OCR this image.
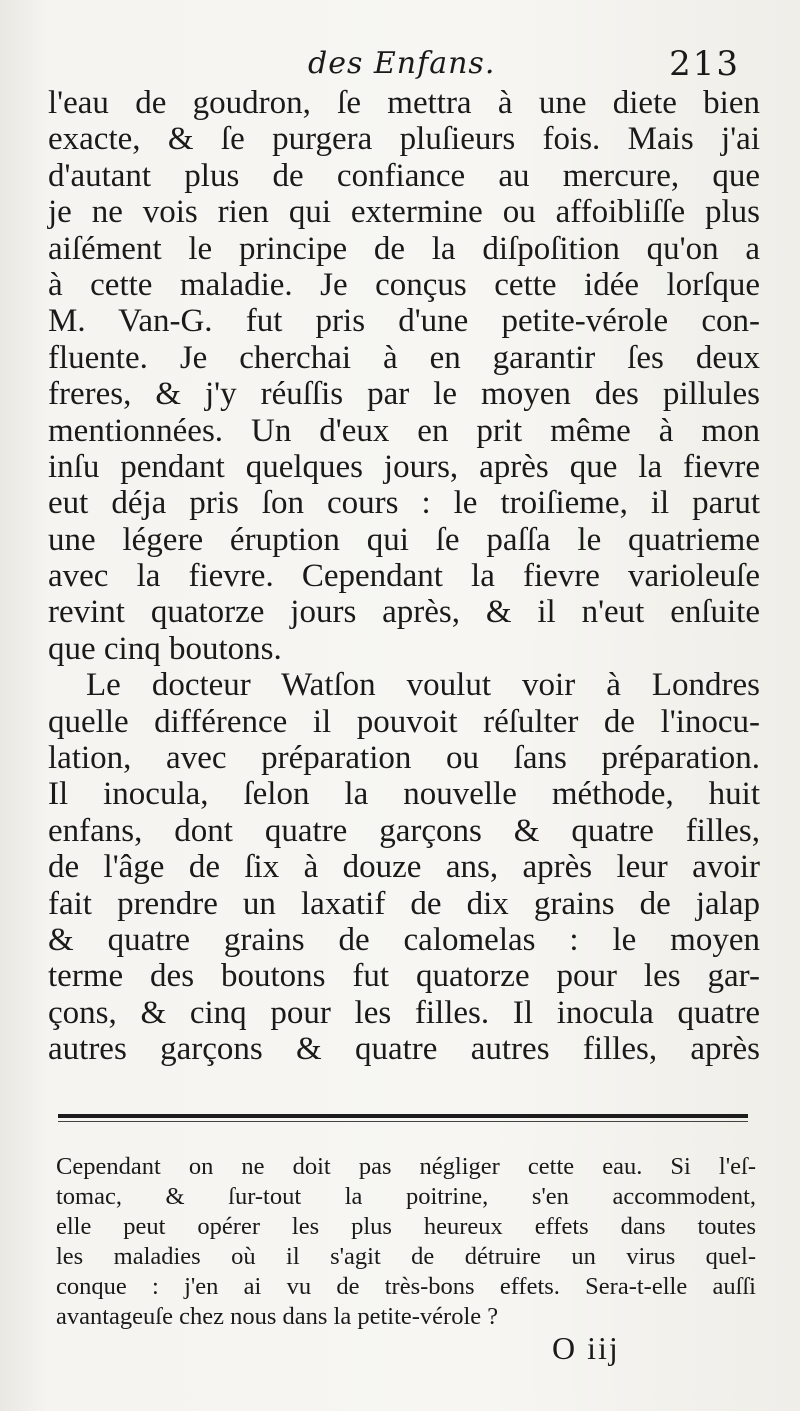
des Enfans.	213
l'eau de goudron, ſe mettra à une diete bien
exacte, & ſe purgera pluſieurs fois. Mais j'ai
d'autant plus de confiance au mercure, que
je ne vois rien qui extermine ou affoibliſſe plus
aiſément le principe de la diſpoſition qu'on a
à cette maladie. Je conçus cette idée lorſque
M. Van-G. fut pris d'une petite-vérole con-
fluente. Je cherchai à en garantir ſes deux
freres, & j'y réuſſis par le moyen des pillules
mentionnées. Un d'eux en prit même à mon
inſu pendant quelques jours, après que la fievre
eut déja pris ſon cours : le troiſieme, il parut
une légere éruption qui ſe paſſa le quatrieme
avec la fievre. Cependant la fievre varioleuſe
revint quatorze jours après, & il n'eut enſuite
que cinq boutons.
Le docteur Watſon voulut voir à Londres
quelle différence il pouvoit réſulter de l'inocu-
lation, avec préparation ou ſans préparation.
Il inocula, ſelon la nouvelle méthode, huit
enfans, dont quatre garçons & quatre filles,
de l'âge de ſix à douze ans, après leur avoir
fait prendre un laxatif de dix grains de jalap
& quatre grains de calomelas : le moyen
terme des boutons fut quatorze pour les gar-
çons, & cinq pour les filles. Il inocula quatre
autres garçons & quatre autres filles, après
Cependant on ne doit pas négliger cette eau. Si l'eſ-
tomac, & ſur-tout la poitrine, s'en accommodent,
elle peut opérer les plus heureux effets dans toutes
les maladies où il s'agit de détruire un virus quel-
conque : j'en ai vu de très-bons effets. Sera-t-elle auſſi
avantageuſe chez nous dans la petite-vérole ?
O iij
